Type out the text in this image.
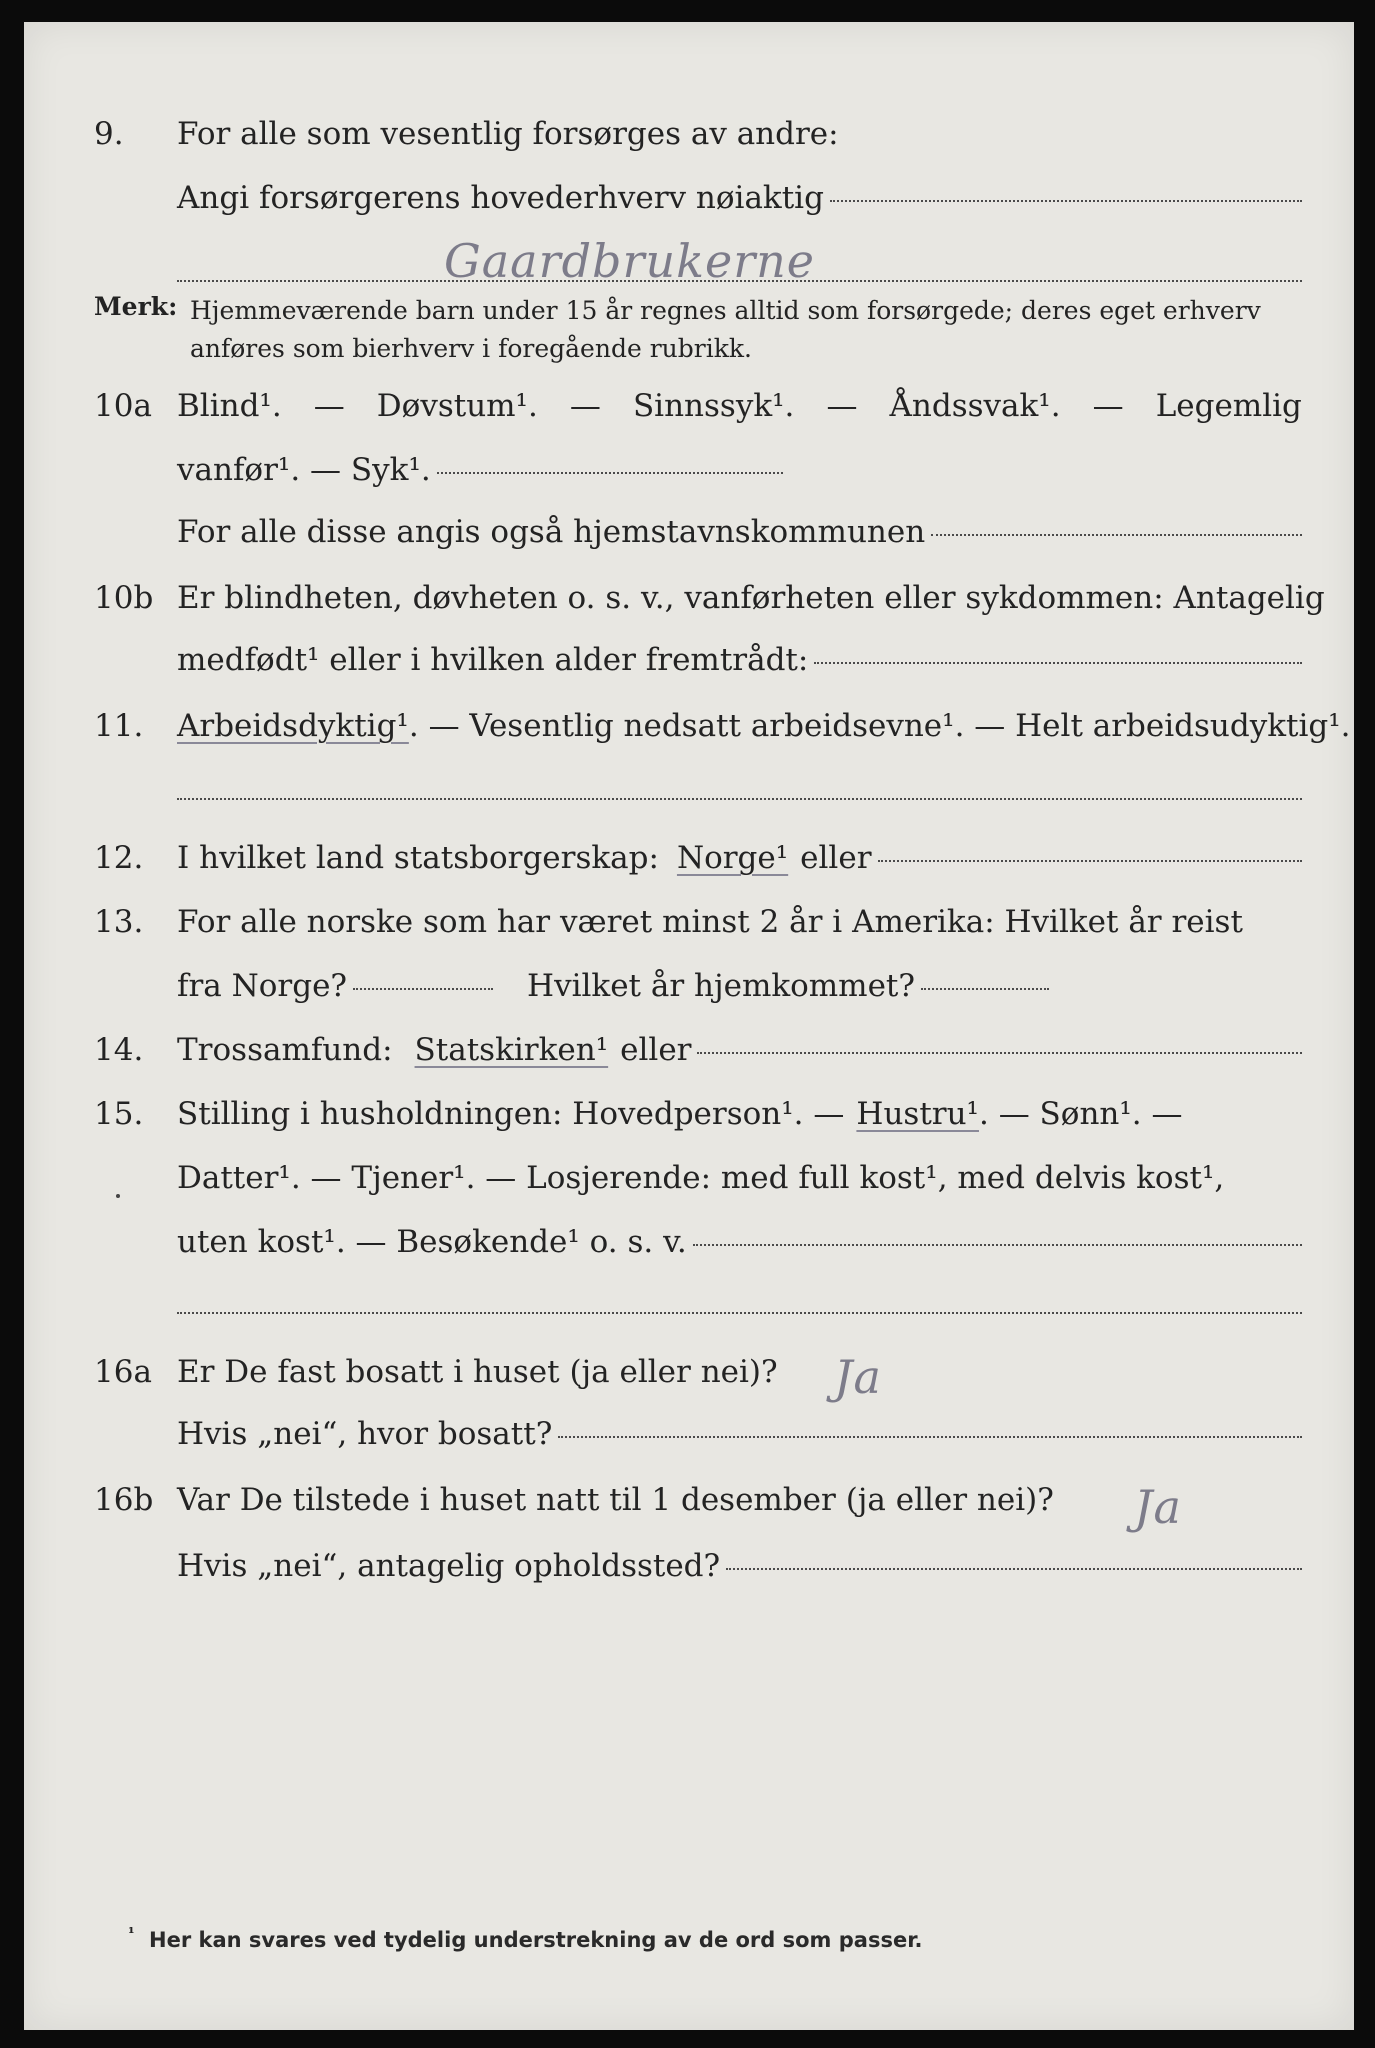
9. For alle som vesentlig forsørges av andre:
Angi forsørgerens hovederhverv nøiaktig
Gaardbrukerne
Merk: Hjemmeværende barn under 15 år regnes alltid som forsørgede; deres eget erhverv
anføres som bierhverv i foregående rubrikk.
10a Blind¹. — Døvstum¹. — Sinnssyk¹. — Åndssvak¹. — Legemlig
vanfør¹. — Syk¹.
For alle disse angis også hjemstavnskommunen
10b Er blindheten, døvheten o. s. v., vanførheten eller sykdommen: Antagelig
medfødt¹ eller i hvilken alder fremtrådt:
11. Arbeidsdyktig¹ . — Vesentlig nedsatt arbeidsevne¹. — Helt arbeidsudyktig¹.
12. I hvilket land statsborgerskap: Norge¹ eller
13. For alle norske som har været minst 2 år i Amerika: Hvilket år reist
fra Norge?	Hvilket år hjemkommet?
14. Trossamfund: Statskirken¹ eller
15. Stilling i husholdningen: Hovedperson¹. — Hustru¹ . — Sønn¹. —
Datter¹. — Tjener¹. — Losjerende: med full kost¹, med delvis kost¹,
uten kost¹. — Besøkende¹ o. s. v.
16a Er De fast bosatt i huset (ja eller nei)? Ja
Hvis „nei“, hvor bosatt?
16b Var De tilstede i huset natt til 1 desember (ja eller nei)? Ja
Hvis „nei“, antagelig opholdssted?
¹ Her kan svares ved tydelig understrekning av de ord som passer.
